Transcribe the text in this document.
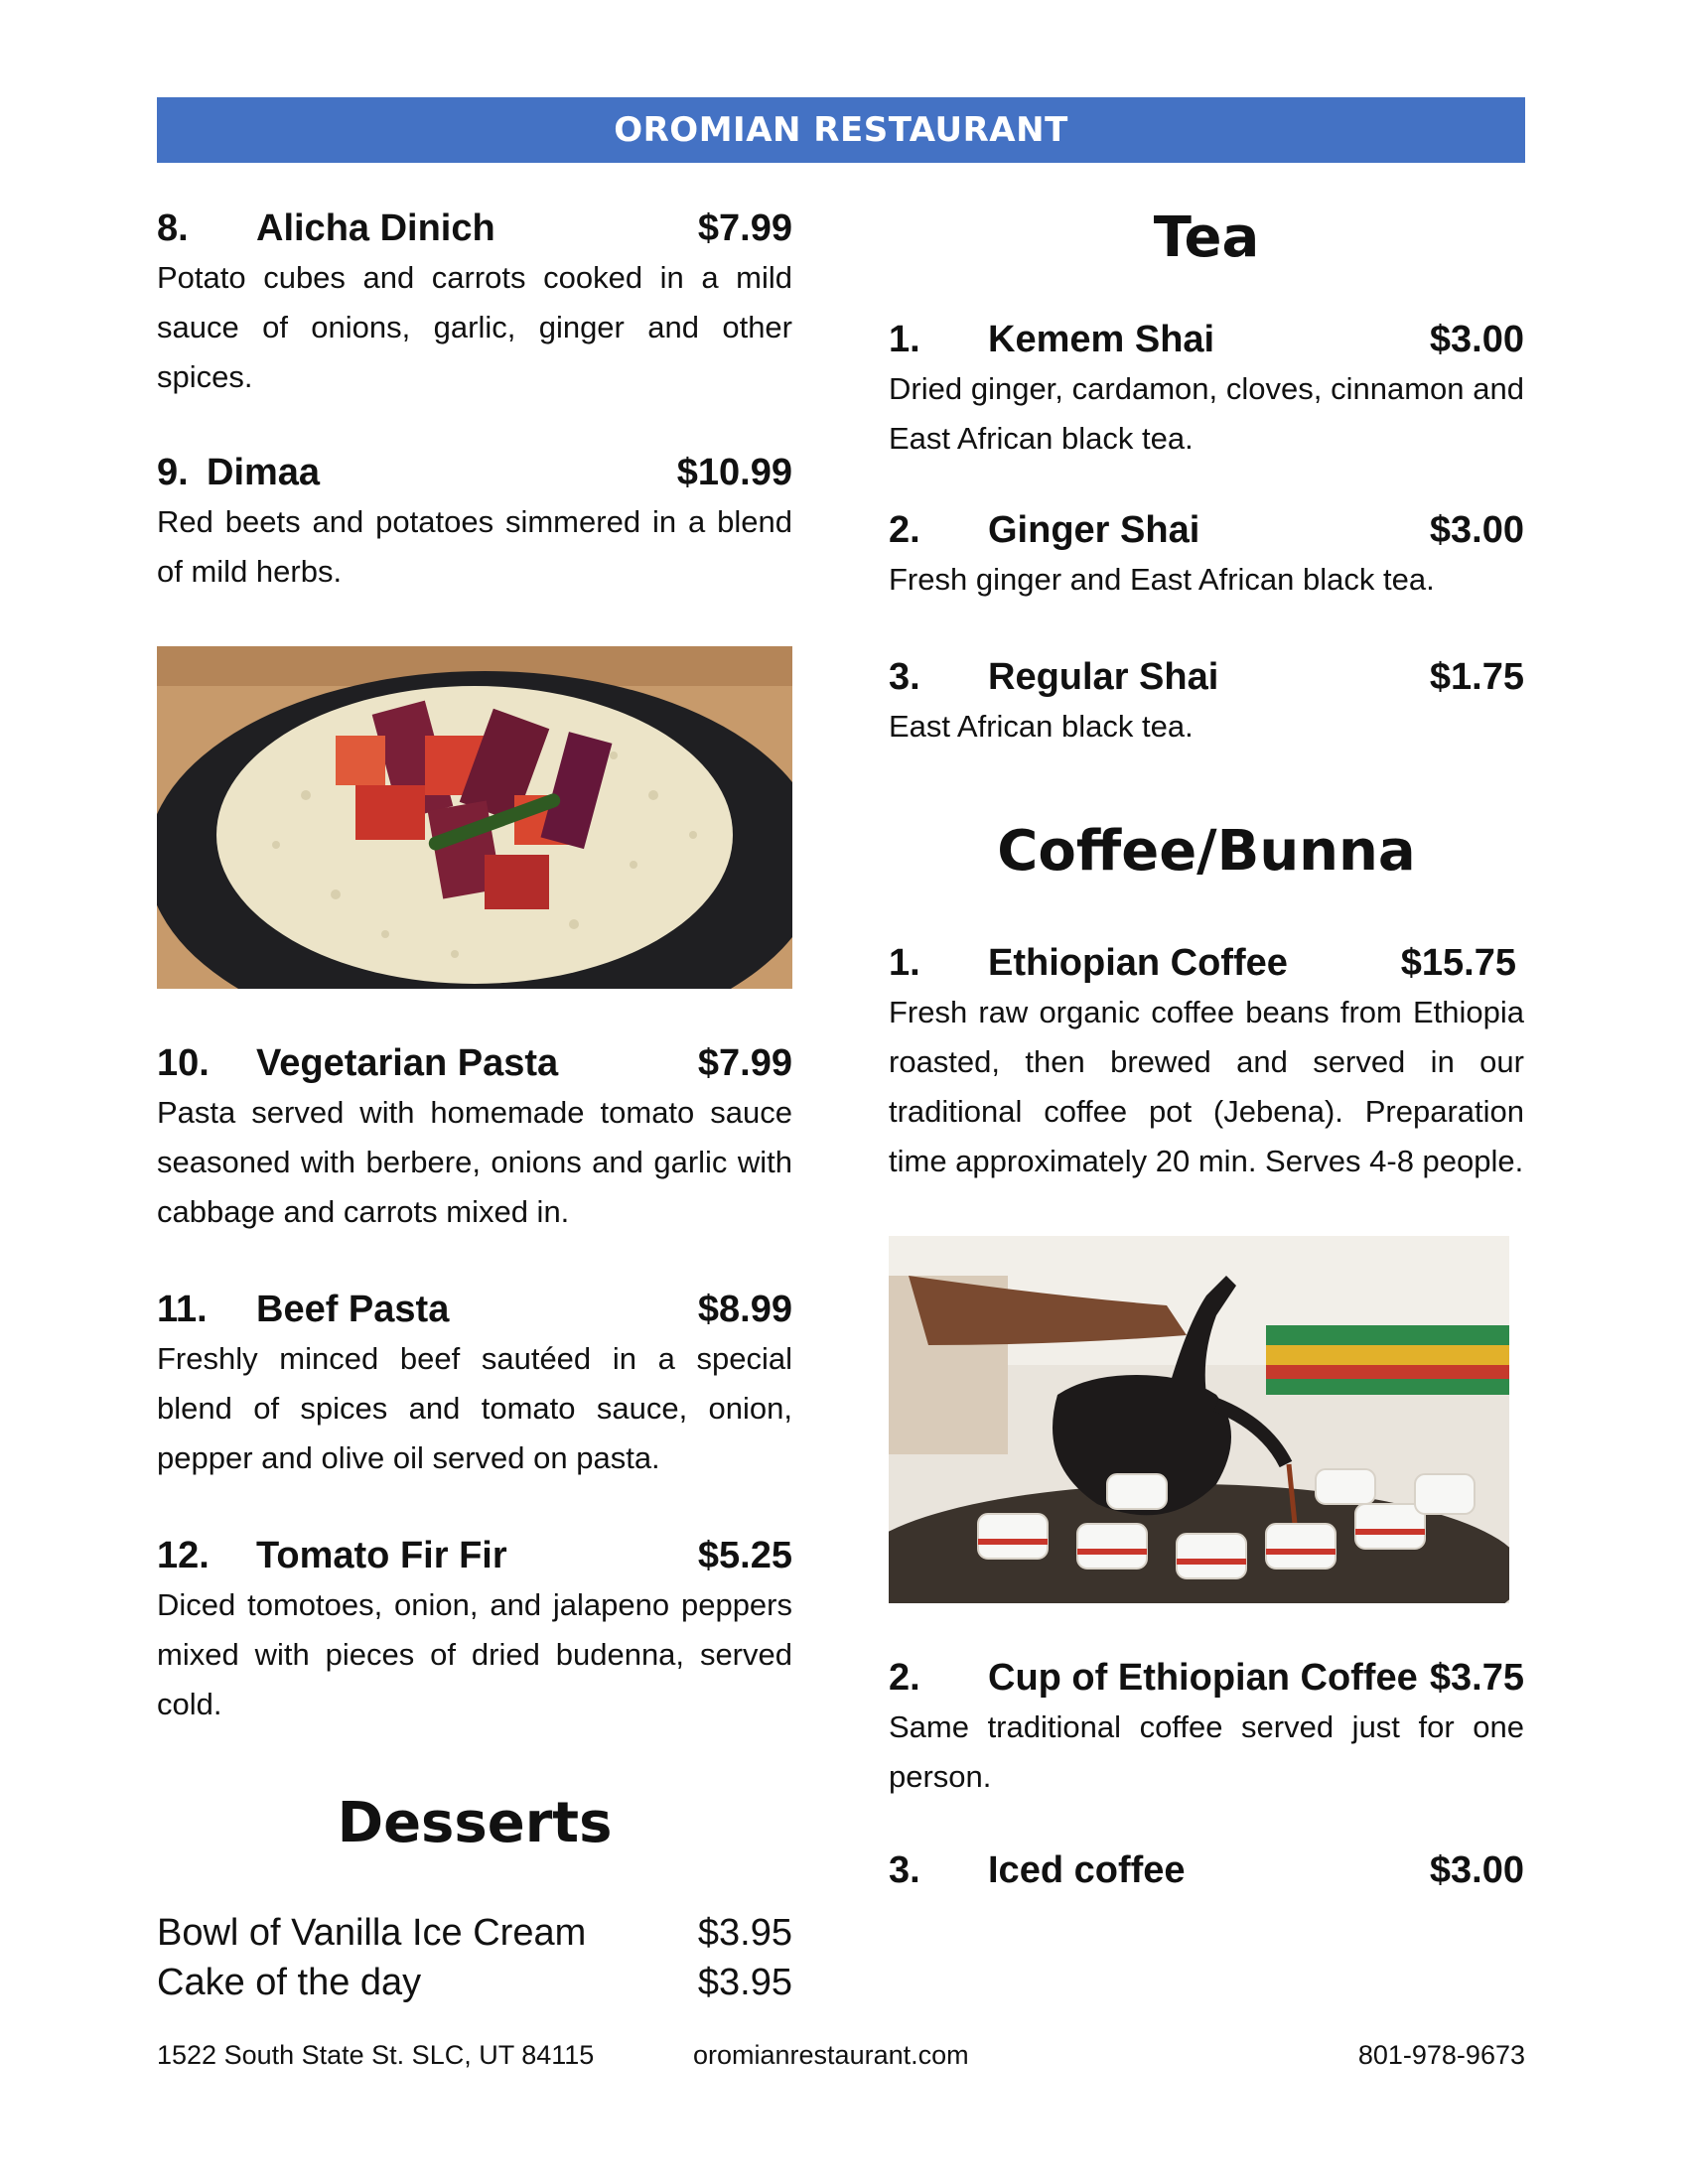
OROMIAN RESTAURANT
8.	Alicha Dinich	$7.99

Potato cubes and carrots cooked in a mild sauce of onions, garlic, ginger and other spices.

9. Dimaa	$10.99

Red beets and potatoes simmered in a blend of mild herbs.

10.	Vegetarian Pasta	$7.99

Pasta served with homemade tomato sauce seasoned with berbere, onions and garlic with cabbage and carrots mixed in.

11.	Beef Pasta	$8.99

Freshly minced beef sautéed in a special blend of spices and tomato sauce, onion, pepper and olive oil served on pasta.

12.	Tomato Fir Fir	$5.25

Diced tomotoes, onion, and jalapeno peppers mixed with pieces of dried budenna, served cold.

Desserts
Bowl of Vanilla Ice Cream	$3.95
Cake of the day	$3.95
Tea
1.	Kemem Shai	$3.00

Dried ginger, cardamon, cloves, cinnamon and East African black tea.

2.	Ginger Shai	$3.00

Fresh ginger and East African black tea.

3.	Regular Shai	$1.75

East African black tea.

Coffee/Bunna
1.	Ethiopian Coffee	$15.75

Fresh raw organic coffee beans from Ethiopia roasted, then brewed and served in our traditional coffee pot (Jebena). Preparation time approximately 20 min. Serves 4-8 people.

2.	Cup of Ethiopian Coffee $3.75

Same traditional coffee served just for one person.

3.	Iced coffee	$3.00
1522 South State St. SLC, UT 84115	oromianrestaurant.com	801-978-9673
